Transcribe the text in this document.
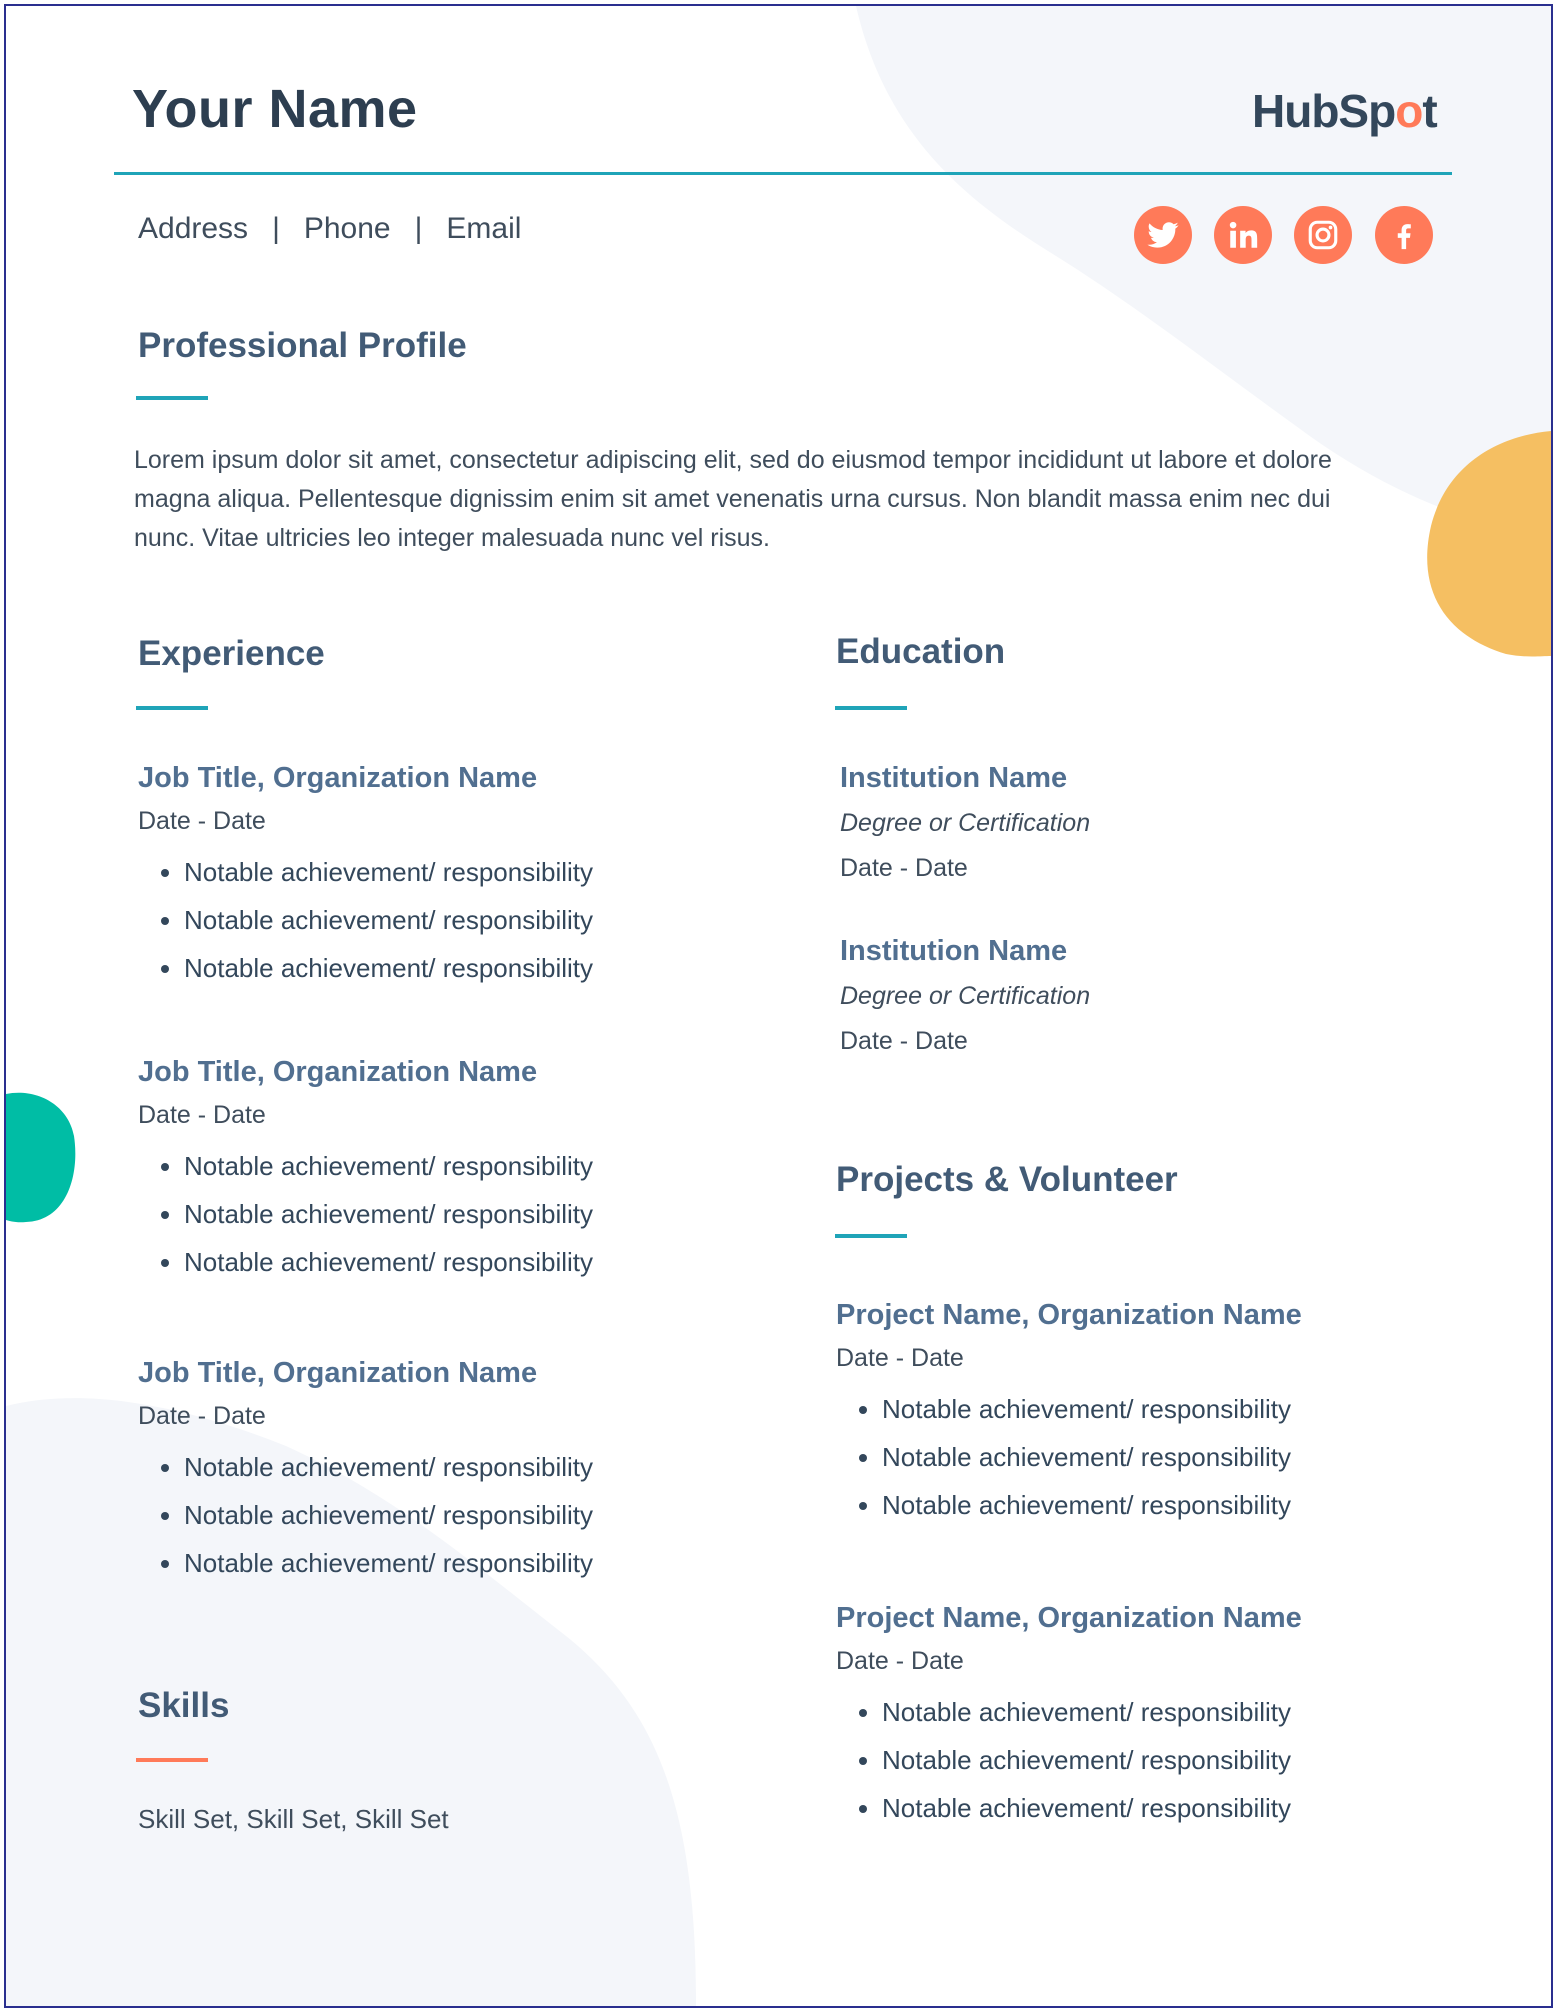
Your Name	HubSpot
Address | Phone | Email
Professional Profile
Lorem ipsum dolor sit amet, consectetur adipiscing elit, sed do eiusmod tempor incididunt ut labore et dolore magna aliqua. Pellentesque dignissim enim sit amet venenatis urna cursus. Non blandit massa enim nec dui nunc. Vitae ultricies leo integer malesuada nunc vel risus.
Experience
Job Title, Organization Name
Date - Date
• Notable achievement/ responsibility
• Notable achievement/ responsibility
• Notable achievement/ responsibility
Job Title, Organization Name
Date - Date
• Notable achievement/ responsibility
• Notable achievement/ responsibility
• Notable achievement/ responsibility
Job Title, Organization Name
Date - Date
• Notable achievement/ responsibility
• Notable achievement/ responsibility
• Notable achievement/ responsibility
Skills
Skill Set, Skill Set, Skill Set
Education
Institution Name
Degree or Certification
Date - Date
Institution Name
Degree or Certification
Date - Date
Projects & Volunteer
Project Name, Organization Name
Date - Date
• Notable achievement/ responsibility
• Notable achievement/ responsibility
• Notable achievement/ responsibility
Project Name, Organization Name
Date - Date
• Notable achievement/ responsibility
• Notable achievement/ responsibility
• Notable achievement/ responsibility
